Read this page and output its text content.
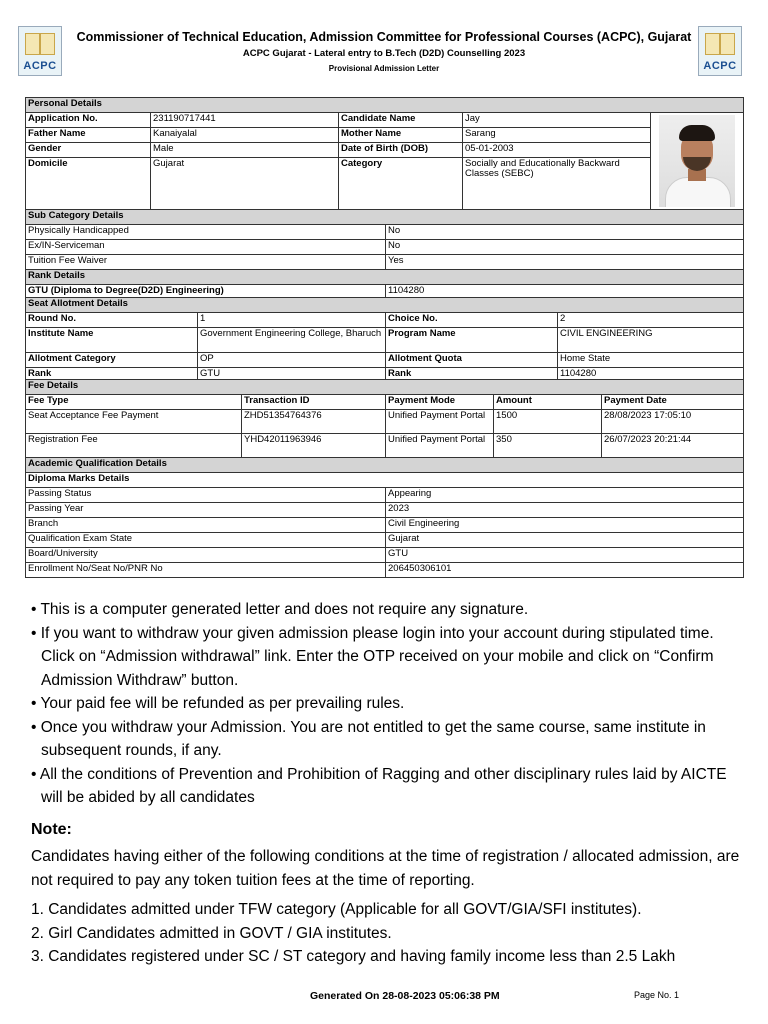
ACPC	ACPC
Commissioner of Technical Education, Admission Committee for Professional Courses (ACPC), Gujarat
ACPC Gujarat - Lateral entry to B.Tech (D2D) Counselling 2023
Provisional Admission Letter
Personal Details				
Application No.	231190717441	Candidate Name	Jay	

Father Name	Kanaiyalal	Mother Name	Sarang	
Gender	Male	Date of Birth (DOB)	05-01-2003	
Domicile	Gujarat	Category	Socially and Educationally Backward Classes (SEBC)	
Sub Category Details	
Physically Handicapped	No
Ex/IN-Serviceman	No
Tuition Fee Waiver	Yes
Rank Details	
GTU (Diploma to Degree(D2D) Engineering)	1104280
Seat Allotment Details			
Round No.	1	Choice No.	2
Institute Name	Government Engineering College, Bharuch	Program Name	CIVIL ENGINEERING
Allotment Category	OP	Allotment Quota	Home State
Rank	GTU	Rank	1104280
Fee Details				
Fee Type	Transaction ID	Payment Mode	Amount	Payment Date
Seat Acceptance Fee Payment	ZHD51354764376	Unified Payment Portal	1500	28/08/2023 17:05:10
Registration Fee	YHD42011963946	Unified Payment Portal	350	26/07/2023 20:21:44
Academic Qualification Details	
Diploma Marks Details	
Passing Status	Appearing
Passing Year	2023
Branch	Civil Engineering
Qualification Exam State	Gujarat
Board/University	GTU
Enrollment No/Seat No/PNR No	206450306101
• This is a computer generated letter and does not require any signature.
• If you want to withdraw your given admission please login into your account during stipulated time. Click on “Admission withdrawal” link. Enter the OTP received on your mobile and click on “Confirm Admission Withdraw” button.
• Your paid fee will be refunded as per prevailing rules.
• Once you withdraw your Admission. You are not entitled to get the same course, same institute in subsequent rounds, if any.
• All the conditions of Prevention and Prohibition of Ragging and other disciplinary rules laid by AICTE will be abided by all candidates
Note:
Candidates having either of the following conditions at the time of registration / allocated admission, are not required to pay any token tuition fees at the time of reporting.
1. Candidates admitted under TFW category (Applicable for all GOVT/GIA/SFI institutes).
2. Girl Candidates admitted in GOVT / GIA institutes.
3. Candidates registered under SC / ST category and having family income less than 2.5 Lakh
Generated On 28-08-2023 05:06:38 PM	Page No. 1
